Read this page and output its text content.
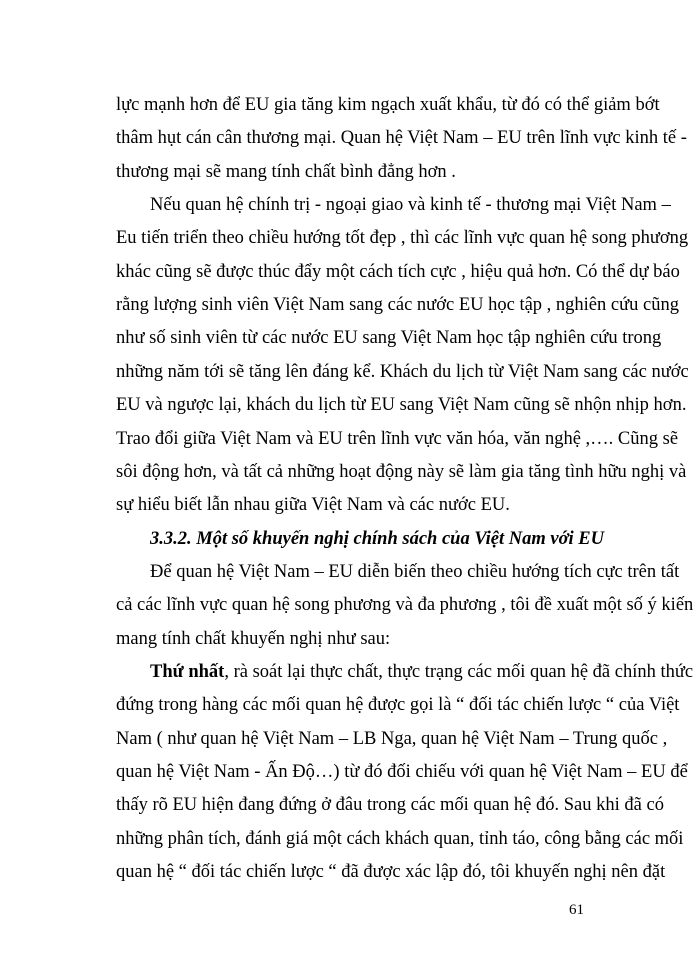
lực mạnh hơn để EU gia tăng kim ngạch xuất khẩu, từ đó có thể giảm bớt
thâm hụt cán cân thương mại. Quan hệ Việt Nam – EU trên lĩnh vực kinh tế -
thương mại sẽ mang tính chất bình đẳng hơn .
Nếu quan hệ chính trị - ngoại giao và kinh tế - thương mại Việt Nam –
Eu tiến triển theo chiều hướng tốt đẹp , thì các lĩnh vực quan hệ song phương
khác cũng sẽ được thúc đẩy một cách tích cực , hiệu quả hơn. Có thể dự báo
rằng lượng sinh viên Việt Nam sang các nước EU học tập , nghiên cứu cũng
như số sinh viên từ các nước EU sang Việt Nam học tập nghiên cứu trong
những năm tới sẽ tăng lên đáng kể. Khách du lịch từ Việt Nam sang các nước
EU và ngược lại, khách du lịch từ EU sang Việt Nam cũng sẽ nhộn nhịp hơn.
Trao đổi giữa Việt Nam và EU trên lĩnh vực văn hóa, văn nghệ ,…. Cũng sẽ
sôi động hơn, và tất cả những hoạt động này sẽ làm gia tăng tình hữu nghị và
sự hiểu biết lẫn nhau giữa Việt Nam và các nước EU.
3.3.2. Một số khuyến nghị chính sách của Việt Nam với EU
Để quan hệ Việt Nam – EU diễn biến theo chiều hướng tích cực trên tất
cả các lĩnh vực quan hệ song phương và đa phương , tôi đề xuất một số ý kiến
mang tính chất khuyến nghị như sau:
Thứ nhất, rà soát lại thực chất, thực trạng các mối quan hệ đã chính thức
đứng trong hàng các mối quan hệ được gọi là “ đối tác chiến lược “ của Việt
Nam ( như quan hệ Việt Nam – LB Nga, quan hệ Việt Nam – Trung quốc ,
quan hệ Việt Nam - Ấn Độ…) từ đó đối chiếu với quan hệ Việt Nam – EU để
thấy rõ EU hiện đang đứng ở đâu trong các mối quan hệ đó. Sau khi đã có
những phân tích, đánh giá một cách khách quan, tỉnh táo, công bằng các mối
quan hệ “ đối tác chiến lược “ đã được xác lập đó, tôi khuyến nghị nên đặt
61
